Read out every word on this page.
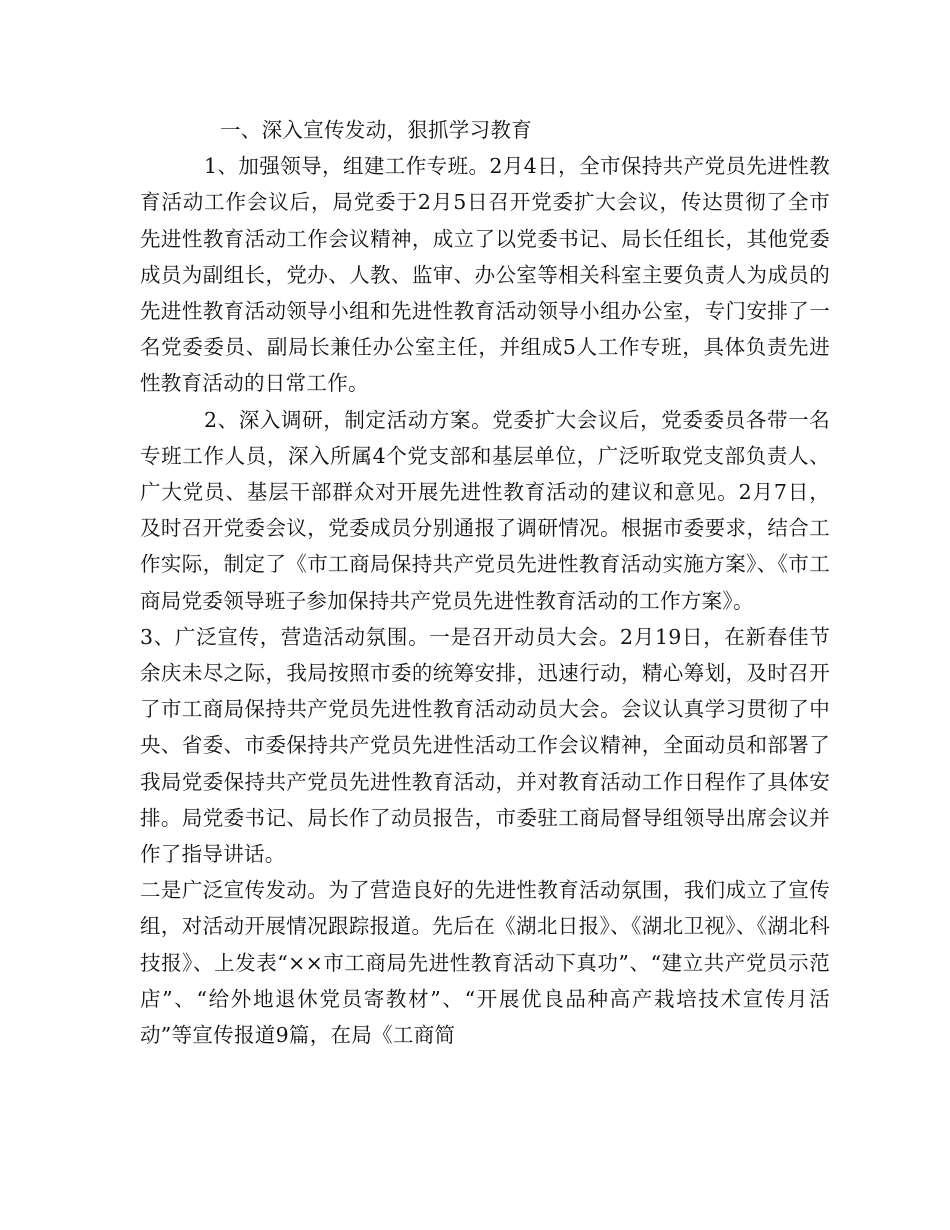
一、深入宣传发动，狠抓学习教育

1、加强领导，组建工作专班。2月4日，全市保持共产党员先进性教育活动工作会议后，局党委于2月5日召开党委扩大会议，传达贯彻了全市先进性教育活动工作会议精神，成立了以党委书记、局长任组长，其他党委成员为副组长，党办、人教、监审、办公室等相关科室主要负责人为成员的先进性教育活动领导小组和先进性教育活动领导小组办公室，专门安排了一名党委委员、副局长兼任办公室主任，并组成5人工作专班，具体负责先进性教育活动的日常工作。

2、深入调研，制定活动方案。党委扩大会议后，党委委员各带一名专班工作人员，深入所属4个党支部和基层单位，广泛听取党支部负责人、广大党员、基层干部群众对开展先进性教育活动的建议和意见。2月7日，及时召开党委会议，党委成员分别通报了调研情况。根据市委要求，结合工作实际，制定了《市工商局保持共产党员先进性教育活动实施方案》、《市工商局党委领导班子参加保持共产党员先进性教育活动的工作方案》。

3、广泛宣传，营造活动氛围。一是召开动员大会。2月19日，在新春佳节余庆未尽之际，我局按照市委的统筹安排，迅速行动，精心筹划，及时召开了市工商局保持共产党员先进性教育活动动员大会。会议认真学习贯彻了中央、省委、市委保持共产党员先进性活动工作会议精神，全面动员和部署了我局党委保持共产党员先进性教育活动，并对教育活动工作日程作了具体安排。局党委书记、局长作了动员报告，市委驻工商局督导组领导出席会议并作了指导讲话。

二是广泛宣传发动。为了营造良好的先进性教育活动氛围，我们成立了宣传组，对活动开展情况跟踪报道。先后在《湖北日报》、《湖北卫视》、《湖北科技报》、上发表“××市工商局先进性教育活动下真功”、“建立共产党员示范店”、“给外地退休党员寄教材”、“开展优良品种高产栽培技术宣传月活动”等宣传报道9篇，在局《工商简
